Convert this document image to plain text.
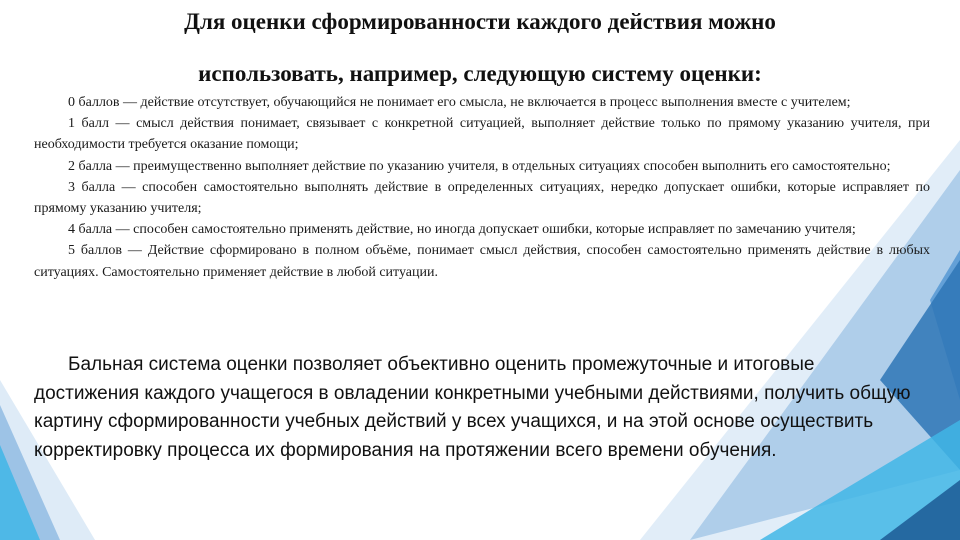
Для оценки сформированности каждого действия можно
использовать, например, следующую систему оценки:

0 баллов — действие отсутствует, обучающийся не понимает его смысла, не включается в процесс выполнения вместе с учителем;

1 балл — смысл действия понимает, связывает с конкретной ситуацией, выполняет действие только по прямому указанию учителя, при необходимости требуется оказание помощи;

2 балла — преимущественно выполняет действие по указанию учителя, в отдельных ситуациях способен выполнить его самостоятельно;

3 балла — способен самостоятельно выполнять действие в определенных ситуациях, нередко допускает ошибки, которые исправляет по прямому указанию учителя;

4 балла — способен самостоятельно применять действие, но иногда допускает ошибки, которые исправляет по замечанию учителя;

5 баллов — Действие сформировано в полном объёме, понимает смысл действия, способен самостоятельно применять действие в любых ситуациях. Самостоятельно применяет действие в любой ситуации.

Бальная система оценки позволяет объективно оценить промежуточные и итоговые достижения каждого учащегося в овладении конкретными учебными действиями, получить общую картину сформированности учебных действий у всех учащихся, и на этой основе осуществить корректировку процесса их формирования на протяжении всего времени обучения.
